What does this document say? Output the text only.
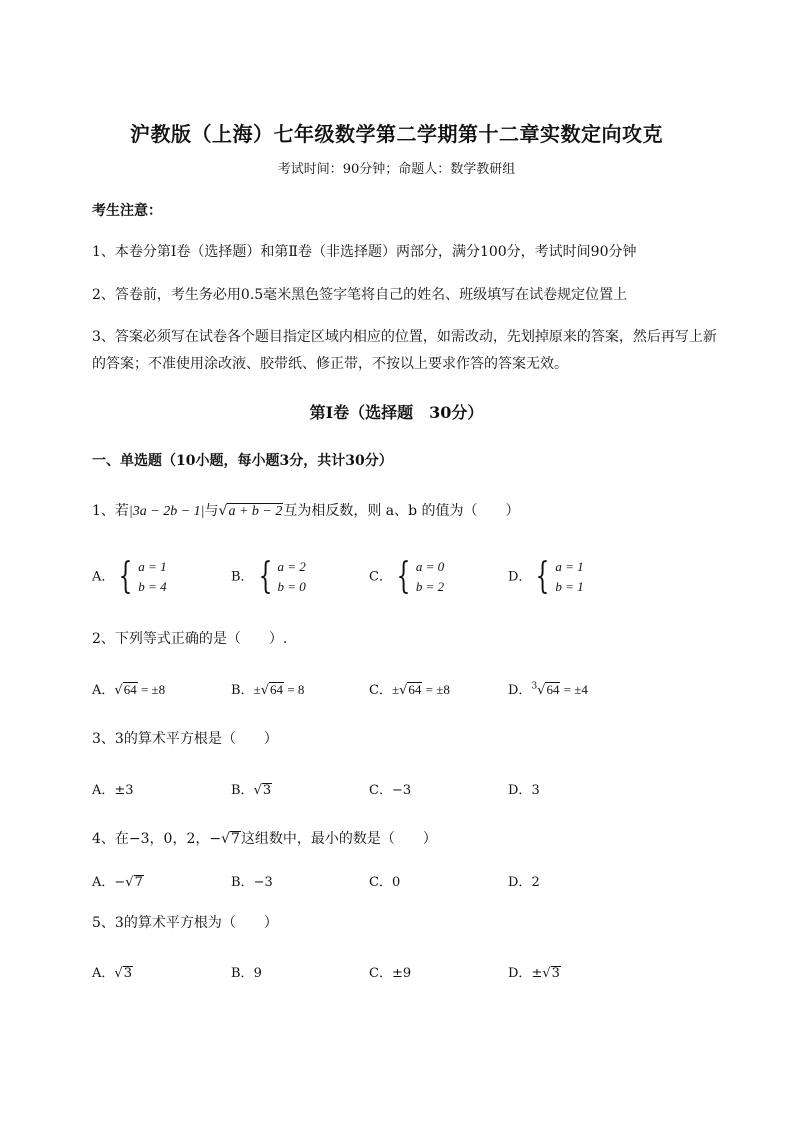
沪教版（上海）七年级数学第二学期第十二章实数定向攻克
考试时间：90分钟；命题人：数学教研组
考生注意：
1、本卷分第I卷（选择题）和第Ⅱ卷（非选择题）两部分，满分100分，考试时间90分钟
2、答卷前，考生务必用0.5毫米黑色签字笔将自己的姓名、班级填写在试卷规定位置上
3、答案必须写在试卷各个题目指定区域内相应的位置，如需改动，先划掉原来的答案，然后再写上新
的答案；不准使用涂改液、胶带纸、修正带，不按以上要求作答的答案无效。
第I卷（选择题　30分）
一、单选题（10小题，每小题3分，共计30分）
1、若|3a − 2b − 1|与√a + b − 2互为相反数，则 a、b 的值为（　　）
A． { a = 1
b = 4
B． { a = 2
b = 0
C． { a = 0
b = 2
D． { a = 1
b = 1
2、下列等式正确的是（　　）.
A．√64 = ±8	B．±√64 = 8	C．±√64 = ±8	D．$^3$√64 = ±4
3、3的算术平方根是（　　）
A．±3	B．√3	C．−3	D．3
4、在−3，0，2，−√7这组数中，最小的数是（　　）
A．−√7	B．−3	C．0	D．2
5、3的算术平方根为（　　）
A．√3	B．9	C．±9	D．±√3
